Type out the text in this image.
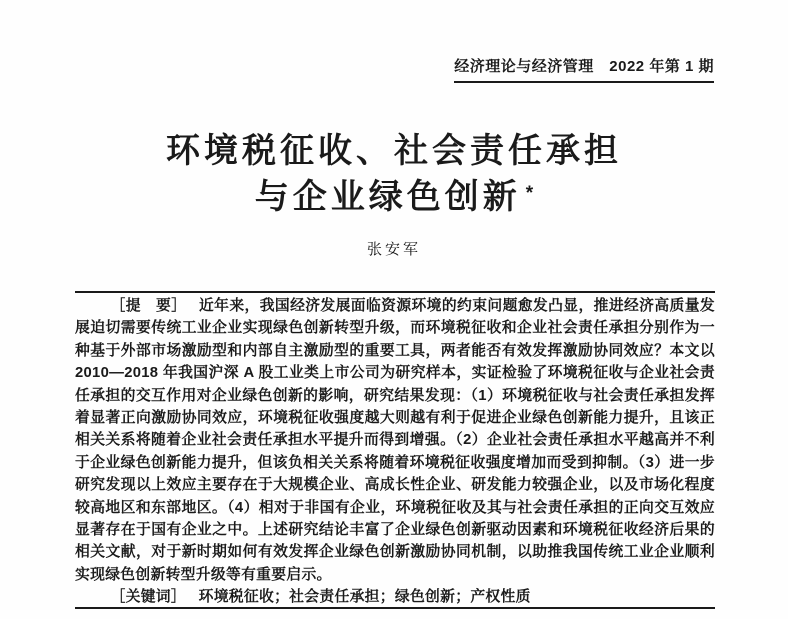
经济理论与经济管理　2022 年第 1 期
环境税征收、社会责任承担
与企业绿色创新 *
张安军

［提　要］ 近年来，我国经济发展面临资源环境的约束问题愈发凸显，推进经济高质量发展迫切需要传统工业企业实现绿色创新转型升级，而环境税征收和企业社会责任承担分别作为一种基于外部市场激励型和内部自主激励型的重要工具，两者能否有效发挥激励协同效应？本文以 2010—2018 年我国沪深 A 股工业类上市公司为研究样本，实证检验了环境税征收与企业社会责任承担的交互作用对企业绿色创新的影响，研究结果发现：（1）环境税征收与社会责任承担发挥着显著正向激励协同效应，环境税征收强度越大则越有利于促进企业绿色创新能力提升，且该正相关关系将随着企业社会责任承担水平提升而得到增强。（2）企业社会责任承担水平越高并不利于企业绿色创新能力提升，但该负相关关系将随着环境税征收强度增加而受到抑制。（3）进一步研究发现以上效应主要存在于大规模企业、高成长性企业、研发能力较强企业，以及市场化程度较高地区和东部地区。（4）相对于非国有企业，环境税征收及其与社会责任承担的正向交互效应显著存在于国有企业之中。上述研究结论丰富了企业绿色创新驱动因素和环境税征收经济后果的相关文献，对于新时期如何有效发挥企业绿色创新激励协同机制，以助推我国传统工业企业顺利实现绿色创新转型升级等有重要启示。

［关键词］ 环境税征收；社会责任承担；绿色创新；产权性质
